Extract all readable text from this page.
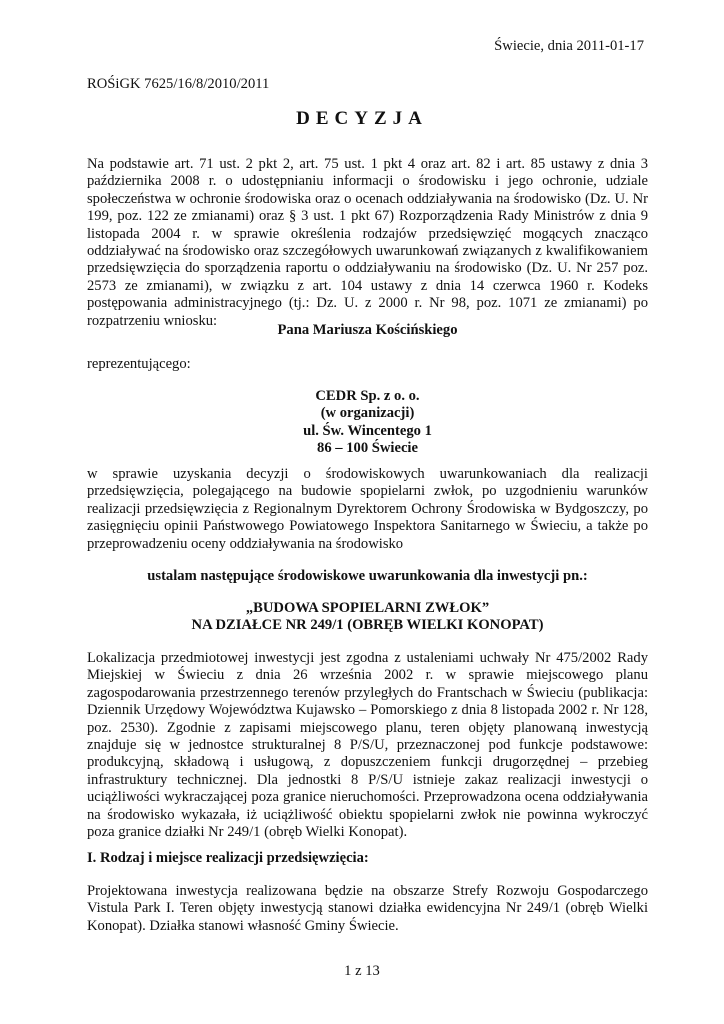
Świecie, dnia 2011-01-17
ROŚiGK 7625/16/8/2010/2011
DECYZJA
Na podstawie art. 71 ust. 2 pkt 2, art. 75 ust. 1 pkt 4 oraz art. 82 i art. 85 ustawy z dnia 3 października 2008 r. o udostępnianiu informacji o środowisku i jego ochronie, udziale społeczeństwa w ochronie środowiska oraz o ocenach oddziaływania na środowisko (Dz. U. Nr 199, poz. 122 ze zmianami) oraz § 3 ust. 1 pkt 67) Rozporządzenia Rady Ministrów z dnia 9 listopada 2004 r. w sprawie określenia rodzajów przedsięwzięć mogących znacząco oddziaływać na środowisko oraz szczegółowych uwarunkowań związanych z kwalifikowaniem przedsięwzięcia do sporządzenia raportu o oddziaływaniu na środowisko (Dz. U. Nr 257 poz. 2573 ze zmianami), w związku z art. 104 ustawy z dnia 14 czerwca 1960 r. Kodeks postępowania administracyjnego (tj.: Dz. U. z 2000 r. Nr 98, poz. 1071 ze zmianami) po rozpatrzeniu wniosku:
Pana Mariusza Kościńskiego
reprezentującego:
CEDR Sp. z o. o.
(w organizacji)
ul. Św. Wincentego 1
86 – 100 Świecie
w sprawie uzyskania decyzji o środowiskowych uwarunkowaniach dla realizacji przedsięwzięcia, polegającego na budowie spopielarni zwłok, po uzgodnieniu warunków realizacji przedsięwzięcia z Regionalnym Dyrektorem Ochrony Środowiska w Bydgoszczy, po zasięgnięciu opinii Państwowego Powiatowego Inspektora Sanitarnego w Świeciu, a także po przeprowadzeniu oceny oddziaływania na środowisko
ustalam następujące środowiskowe uwarunkowania dla inwestycji pn.:
„BUDOWA SPOPIELARNI ZWŁOK”
NA DZIAŁCE NR 249/1 (OBRĘB WIELKI KONOPAT)
Lokalizacja przedmiotowej inwestycji jest zgodna z ustaleniami uchwały Nr 475/2002 Rady Miejskiej w Świeciu z dnia 26 września 2002 r. w sprawie miejscowego planu zagospodarowania przestrzennego terenów przyległych do Frantschach w Świeciu (publikacja: Dziennik Urzędowy Województwa Kujawsko – Pomorskiego z dnia 8 listopada 2002 r. Nr 128, poz. 2530). Zgodnie z zapisami miejscowego planu, teren objęty planowaną inwestycją znajduje się w jednostce strukturalnej 8 P/S/U, przeznaczonej pod funkcje podstawowe: produkcyjną, składową i usługową, z dopuszczeniem funkcji drugorzędnej – przebieg infrastruktury technicznej. Dla jednostki 8 P/S/U istnieje zakaz realizacji inwestycji o uciążliwości wykraczającej poza granice nieruchomości. Przeprowadzona ocena oddziaływania na środowisko wykazała, iż uciążliwość obiektu spopielarni zwłok nie powinna wykroczyć poza granice działki Nr 249/1 (obręb Wielki Konopat).
I. Rodzaj i miejsce realizacji przedsięwzięcia:
Projektowana inwestycja realizowana będzie na obszarze Strefy Rozwoju Gospodarczego Vistula Park I. Teren objęty inwestycją stanowi działka ewidencyjna Nr 249/1 (obręb Wielki Konopat). Działka stanowi własność Gminy Świecie.
1 z 13
